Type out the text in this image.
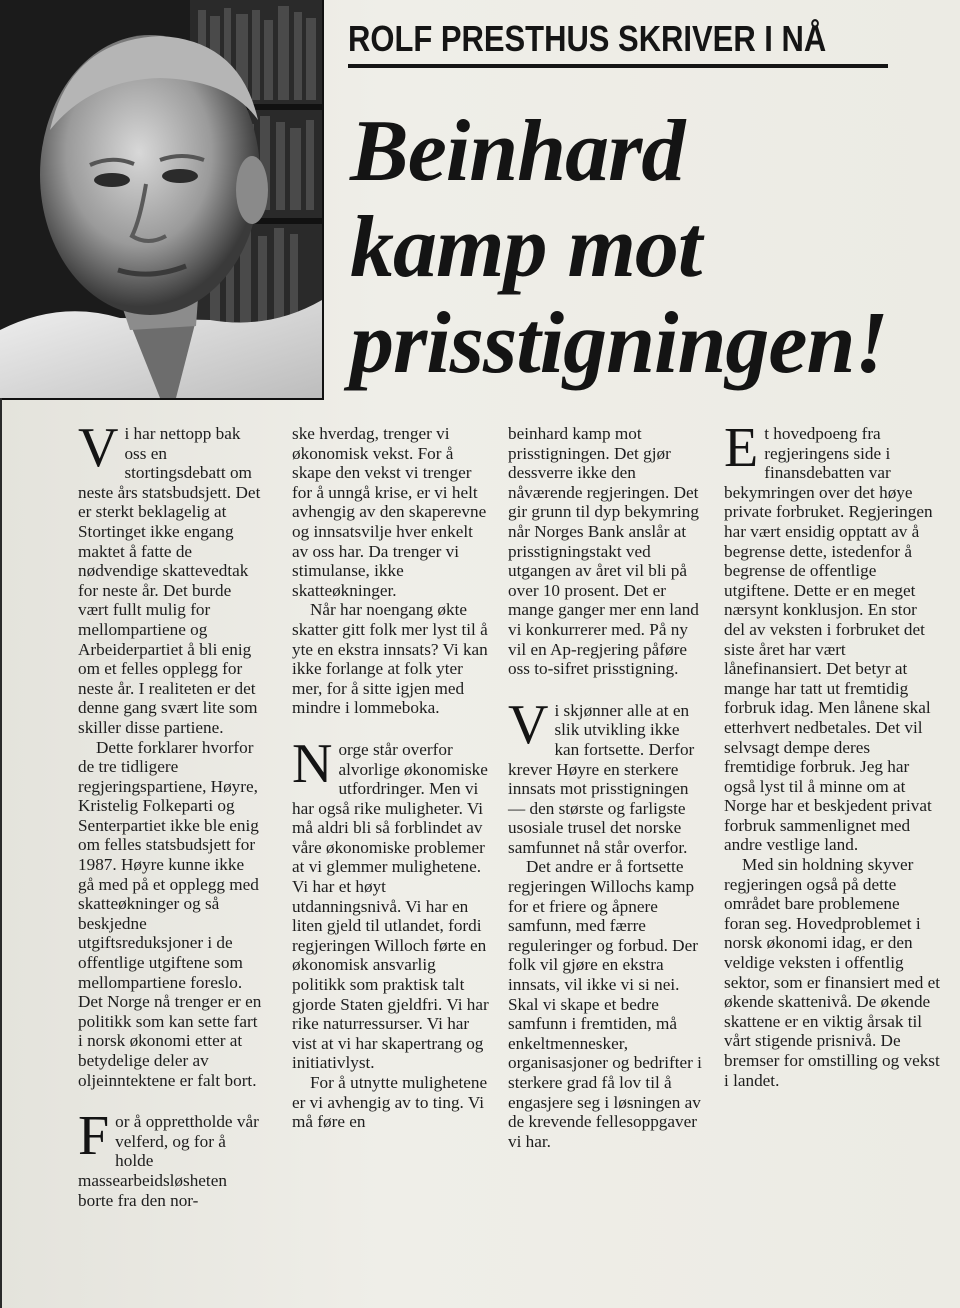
ROLF PRESTHUS SKRIVER I NÅ
Beinhard
kamp mot
prisstigningen!

Vi har nettopp bak oss en stortingsdebatt om neste års statsbudsjett. Det er sterkt beklagelig at Stortinget ikke engang maktet å fatte de nødvendige skattevedtak for neste år. Det burde vært fullt mulig for mellompartiene og Arbeiderpartiet å bli enig om et felles opplegg for neste år. I realiteten er det denne gang svært lite som skiller disse partiene.

Dette forklarer hvorfor de tre tidligere regjeringspartiene, Høyre, Kristelig Folkeparti og Senterpartiet ikke ble enig om felles statsbudsjett for 1987. Høyre kunne ikke gå med på et opplegg med skatteøkninger og så beskjedne utgiftsreduksjoner i de offentlige utgiftene som mellompartiene foreslo. Det Norge nå trenger er en politikk som kan sette fart i norsk økonomi etter at betydelige deler av oljeinntektene er falt bort.

For å opprettholde vår velferd, og for å holde massearbeidsløsheten borte fra den nor-

ske hverdag, trenger vi økonomisk vekst. For å skape den vekst vi trenger for å unngå krise, er vi helt avhengig av den skaperevne og innsatsvilje hver enkelt av oss har. Da trenger vi stimulanse, ikke skatteøkninger.

Når har noengang økte skatter gitt folk mer lyst til å yte en ekstra innsats? Vi kan ikke forlange at folk yter mer, for å sitte igjen med mindre i lommeboka.

Norge står overfor alvorlige økonomiske utfordringer. Men vi har også rike muligheter. Vi må aldri bli så forblindet av våre økonomiske problemer at vi glemmer mulighetene. Vi har et høyt utdanningsnivå. Vi har en liten gjeld til utlandet, fordi regjeringen Willoch førte en økonomisk ansvarlig politikk som praktisk talt gjorde Staten gjeldfri. Vi har rike naturressurser. Vi har vist at vi har skapertrang og initiativlyst.

For å utnytte mulighetene er vi avhengig av to ting. Vi må føre en

beinhard kamp mot prisstigningen. Det gjør dessverre ikke den nåværende regjeringen. Det gir grunn til dyp bekymring når Norges Bank anslår at prisstigningstakt ved utgangen av året vil bli på over 10 prosent. Det er mange ganger mer enn land vi konkurrerer med. På ny vil en Ap-regjering påføre oss to-sifret prisstigning.

Vi skjønner alle at en slik utvikling ikke kan fortsette. Derfor krever Høyre en sterkere innsats mot prisstigningen — den største og farligste usosiale trusel det norske samfunnet nå står overfor.

Det andre er å fortsette regjeringen Willochs kamp for et friere og åpnere samfunn, med færre reguleringer og forbud. Der folk vil gjøre en ekstra innsats, vil ikke vi si nei. Skal vi skape et bedre samfunn i fremtiden, må enkeltmennesker, organisasjoner og bedrifter i sterkere grad få lov til å engasjere seg i løsningen av de krevende fellesoppgaver vi har.

Et hovedpoeng fra regjeringens side i finansdebatten var bekymringen over det høye private forbruket. Regjeringen har vært ensidig opptatt av å begrense dette, istedenfor å begrense de offentlige utgiftene. Dette er en meget nærsynt konklusjon. En stor del av veksten i forbruket det siste året har vært lånefinansiert. Det betyr at mange har tatt ut fremtidig forbruk idag. Men lånene skal etterhvert nedbetales. Det vil selvsagt dempe deres fremtidige forbruk. Jeg har også lyst til å minne om at Norge har et beskjedent privat forbruk sammenlignet med andre vestlige land.

Med sin holdning skyver regjeringen også på dette området bare problemene foran seg. Hovedproblemet i norsk økonomi idag, er den veldige veksten i offentlig sektor, som er finansiert med et økende skattenivå. De økende skattene er en viktig årsak til vårt stigende prisnivå. De bremser for omstilling og vekst i landet.
